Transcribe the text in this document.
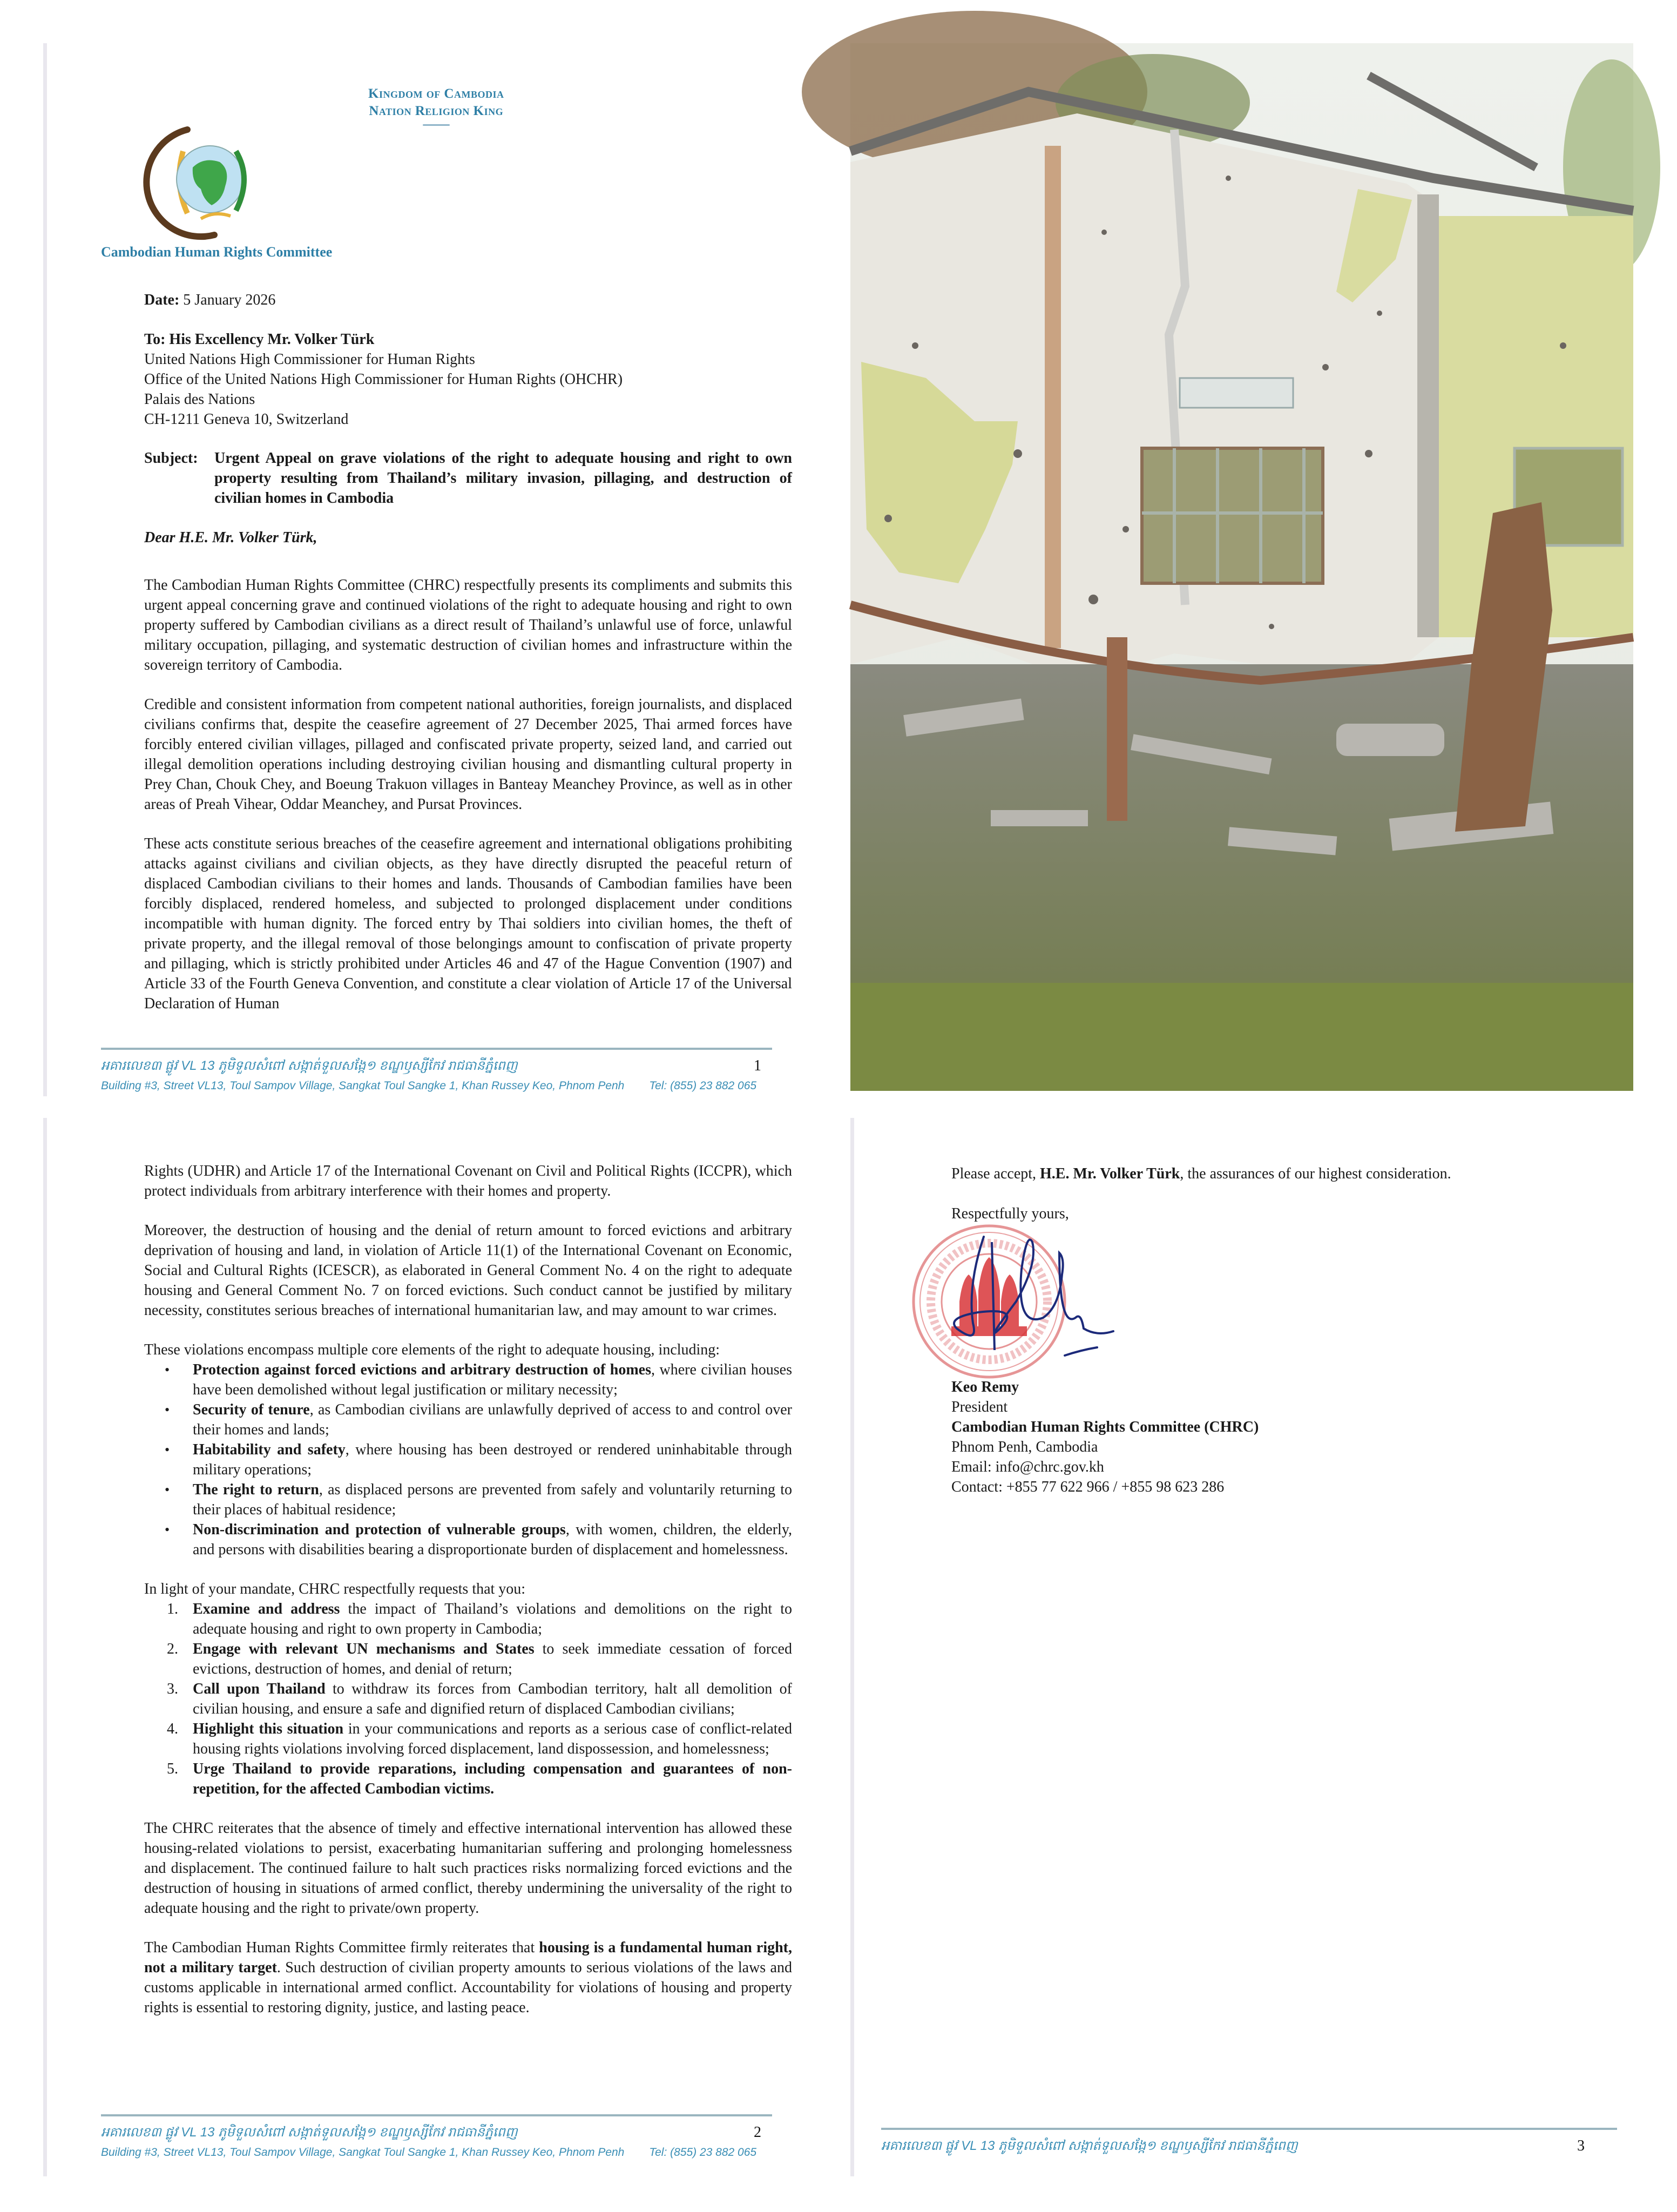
Kingdom of Cambodia
Nation Religion King
Cambodian Human Rights Committee
Date: 5 January 2026
To: His Excellency Mr. Volker Türk
United Nations High Commissioner for Human Rights
Office of the United Nations High Commissioner for Human Rights (OHCHR)
Palais des Nations
CH-1211 Geneva 10, Switzerland
Subject:	Urgent Appeal on grave violations of the right to adequate housing and right to own property resulting from Thailand’s military invasion, pillaging, and destruction of civilian homes in Cambodia
Dear H.E. Mr. Volker Türk,

The Cambodian Human Rights Committee (CHRC) respectfully presents its compliments and submits this urgent appeal concerning grave and continued violations of the right to adequate housing and right to own property suffered by Cambodian civilians as a direct result of Thailand’s unlawful use of force, unlawful military occupation, pillaging, and systematic destruction of civilian homes and infrastructure within the sovereign territory of Cambodia.

Credible and consistent information from competent national authorities, foreign journalists, and displaced civilians confirms that, despite the ceasefire agreement of 27 December 2025, Thai armed forces have forcibly entered civilian villages, pillaged and confiscated private property, seized land, and carried out illegal demolition operations including destroying civilian housing and dismantling cultural property in Prey Chan, Chouk Chey, and Boeung Trakuon villages in Banteay Meanchey Province, as well as in other areas of Preah Vihear, Oddar Meanchey, and Pursat Provinces.

These acts constitute serious breaches of the ceasefire agreement and international obligations prohibiting attacks against civilians and civilian objects, as they have directly disrupted the peaceful return of displaced Cambodian civilians to their homes and lands. Thousands of Cambodian families have been forcibly displaced, rendered homeless, and subjected to prolonged displacement under conditions incompatible with human dignity. The forced entry by Thai soldiers into civilian homes, the theft of private property, and the illegal removal of those belongings amount to confiscation of private property and pillaging, which is strictly prohibited under Articles 46 and 47 of the Hague Convention (1907) and Article 33 of the Fourth Geneva Convention, and constitute a clear violation of Article 17 of the Universal Declaration of Human

អគារលេខ៣ ផ្លូវ VL 13 ភូមិទួលសំពៅ សង្កាត់ទួលសង្កែ១ ខណ្ឌឫស្សីកែវ រាជធានីភ្នំពេញ	1
Building #3, Street VL13, Toul Sampov Village, Sangkat Toul Sangke 1, Khan Russey Keo, Phnom Penh Tel: (855) 23 882 065

Rights (UDHR) and Article 17 of the International Covenant on Civil and Political Rights (ICCPR), which protect individuals from arbitrary interference with their homes and property.

Moreover, the destruction of housing and the denial of return amount to forced evictions and arbitrary deprivation of housing and land, in violation of Article 11(1) of the International Covenant on Economic, Social and Cultural Rights (ICESCR), as elaborated in General Comment No. 4 on the right to adequate housing and General Comment No. 7 on forced evictions. Such conduct cannot be justified by military necessity, constitutes serious breaches of international humanitarian law, and may amount to war crimes.

These violations encompass multiple core elements of the right to adequate housing, including:
• Protection against forced evictions and arbitrary destruction of homes, where civilian houses have been demolished without legal justification or military necessity;
• Security of tenure, as Cambodian civilians are unlawfully deprived of access to and control over their homes and lands;
• Habitability and safety, where housing has been destroyed or rendered uninhabitable through military operations;
• The right to return, as displaced persons are prevented from safely and voluntarily returning to their places of habitual residence;
• Non-discrimination and protection of vulnerable groups, with women, children, the elderly, and persons with disabilities bearing a disproportionate burden of displacement and homelessness.
In light of your mandate, CHRC respectfully requests that you:
1. Examine and address the impact of Thailand’s violations and demolitions on the right to adequate housing and right to own property in Cambodia;
2. Engage with relevant UN mechanisms and States to seek immediate cessation of forced evictions, destruction of homes, and denial of return;
3. Call upon Thailand to withdraw its forces from Cambodian territory, halt all demolition of civilian housing, and ensure a safe and dignified return of displaced Cambodian civilians;
4. Highlight this situation in your communications and reports as a serious case of conflict-related housing rights violations involving forced displacement, land dispossession, and homelessness;
5. Urge Thailand to provide reparations, including compensation and guarantees of non-repetition, for the affected Cambodian victims.

The CHRC reiterates that the absence of timely and effective international intervention has allowed these housing-related violations to persist, exacerbating humanitarian suffering and prolonging homelessness and displacement. The continued failure to halt such practices risks normalizing forced evictions and the destruction of housing in situations of armed conflict, thereby undermining the universality of the right to adequate housing and the right to private/own property.

The Cambodian Human Rights Committee firmly reiterates that housing is a fundamental human right, not a military target. Such destruction of civilian property amounts to serious violations of the laws and customs applicable in international armed conflict. Accountability for violations of housing and property rights is essential to restoring dignity, justice, and lasting peace.

អគារលេខ៣ ផ្លូវ VL 13 ភូមិទួលសំពៅ សង្កាត់ទួលសង្កែ១ ខណ្ឌឫស្សីកែវ រាជធានីភ្នំពេញ	2
Building #3, Street VL13, Toul Sampov Village, Sangkat Toul Sangke 1, Khan Russey Keo, Phnom Penh Tel: (855) 23 882 065
Please accept, H.E. Mr. Volker Türk, the assurances of our highest consideration.
Respectfully yours,
Keo Remy
President
Cambodian Human Rights Committee (CHRC)
Phnom Penh, Cambodia
Email: info@chrc.gov.kh
Contact: +855 77 622 966 / +855 98 623 286
អគារលេខ៣ ផ្លូវ VL 13 ភូមិទួលសំពៅ សង្កាត់ទួលសង្កែ១ ខណ្ឌឫស្សីកែវ រាជធានីភ្នំពេញ	3
